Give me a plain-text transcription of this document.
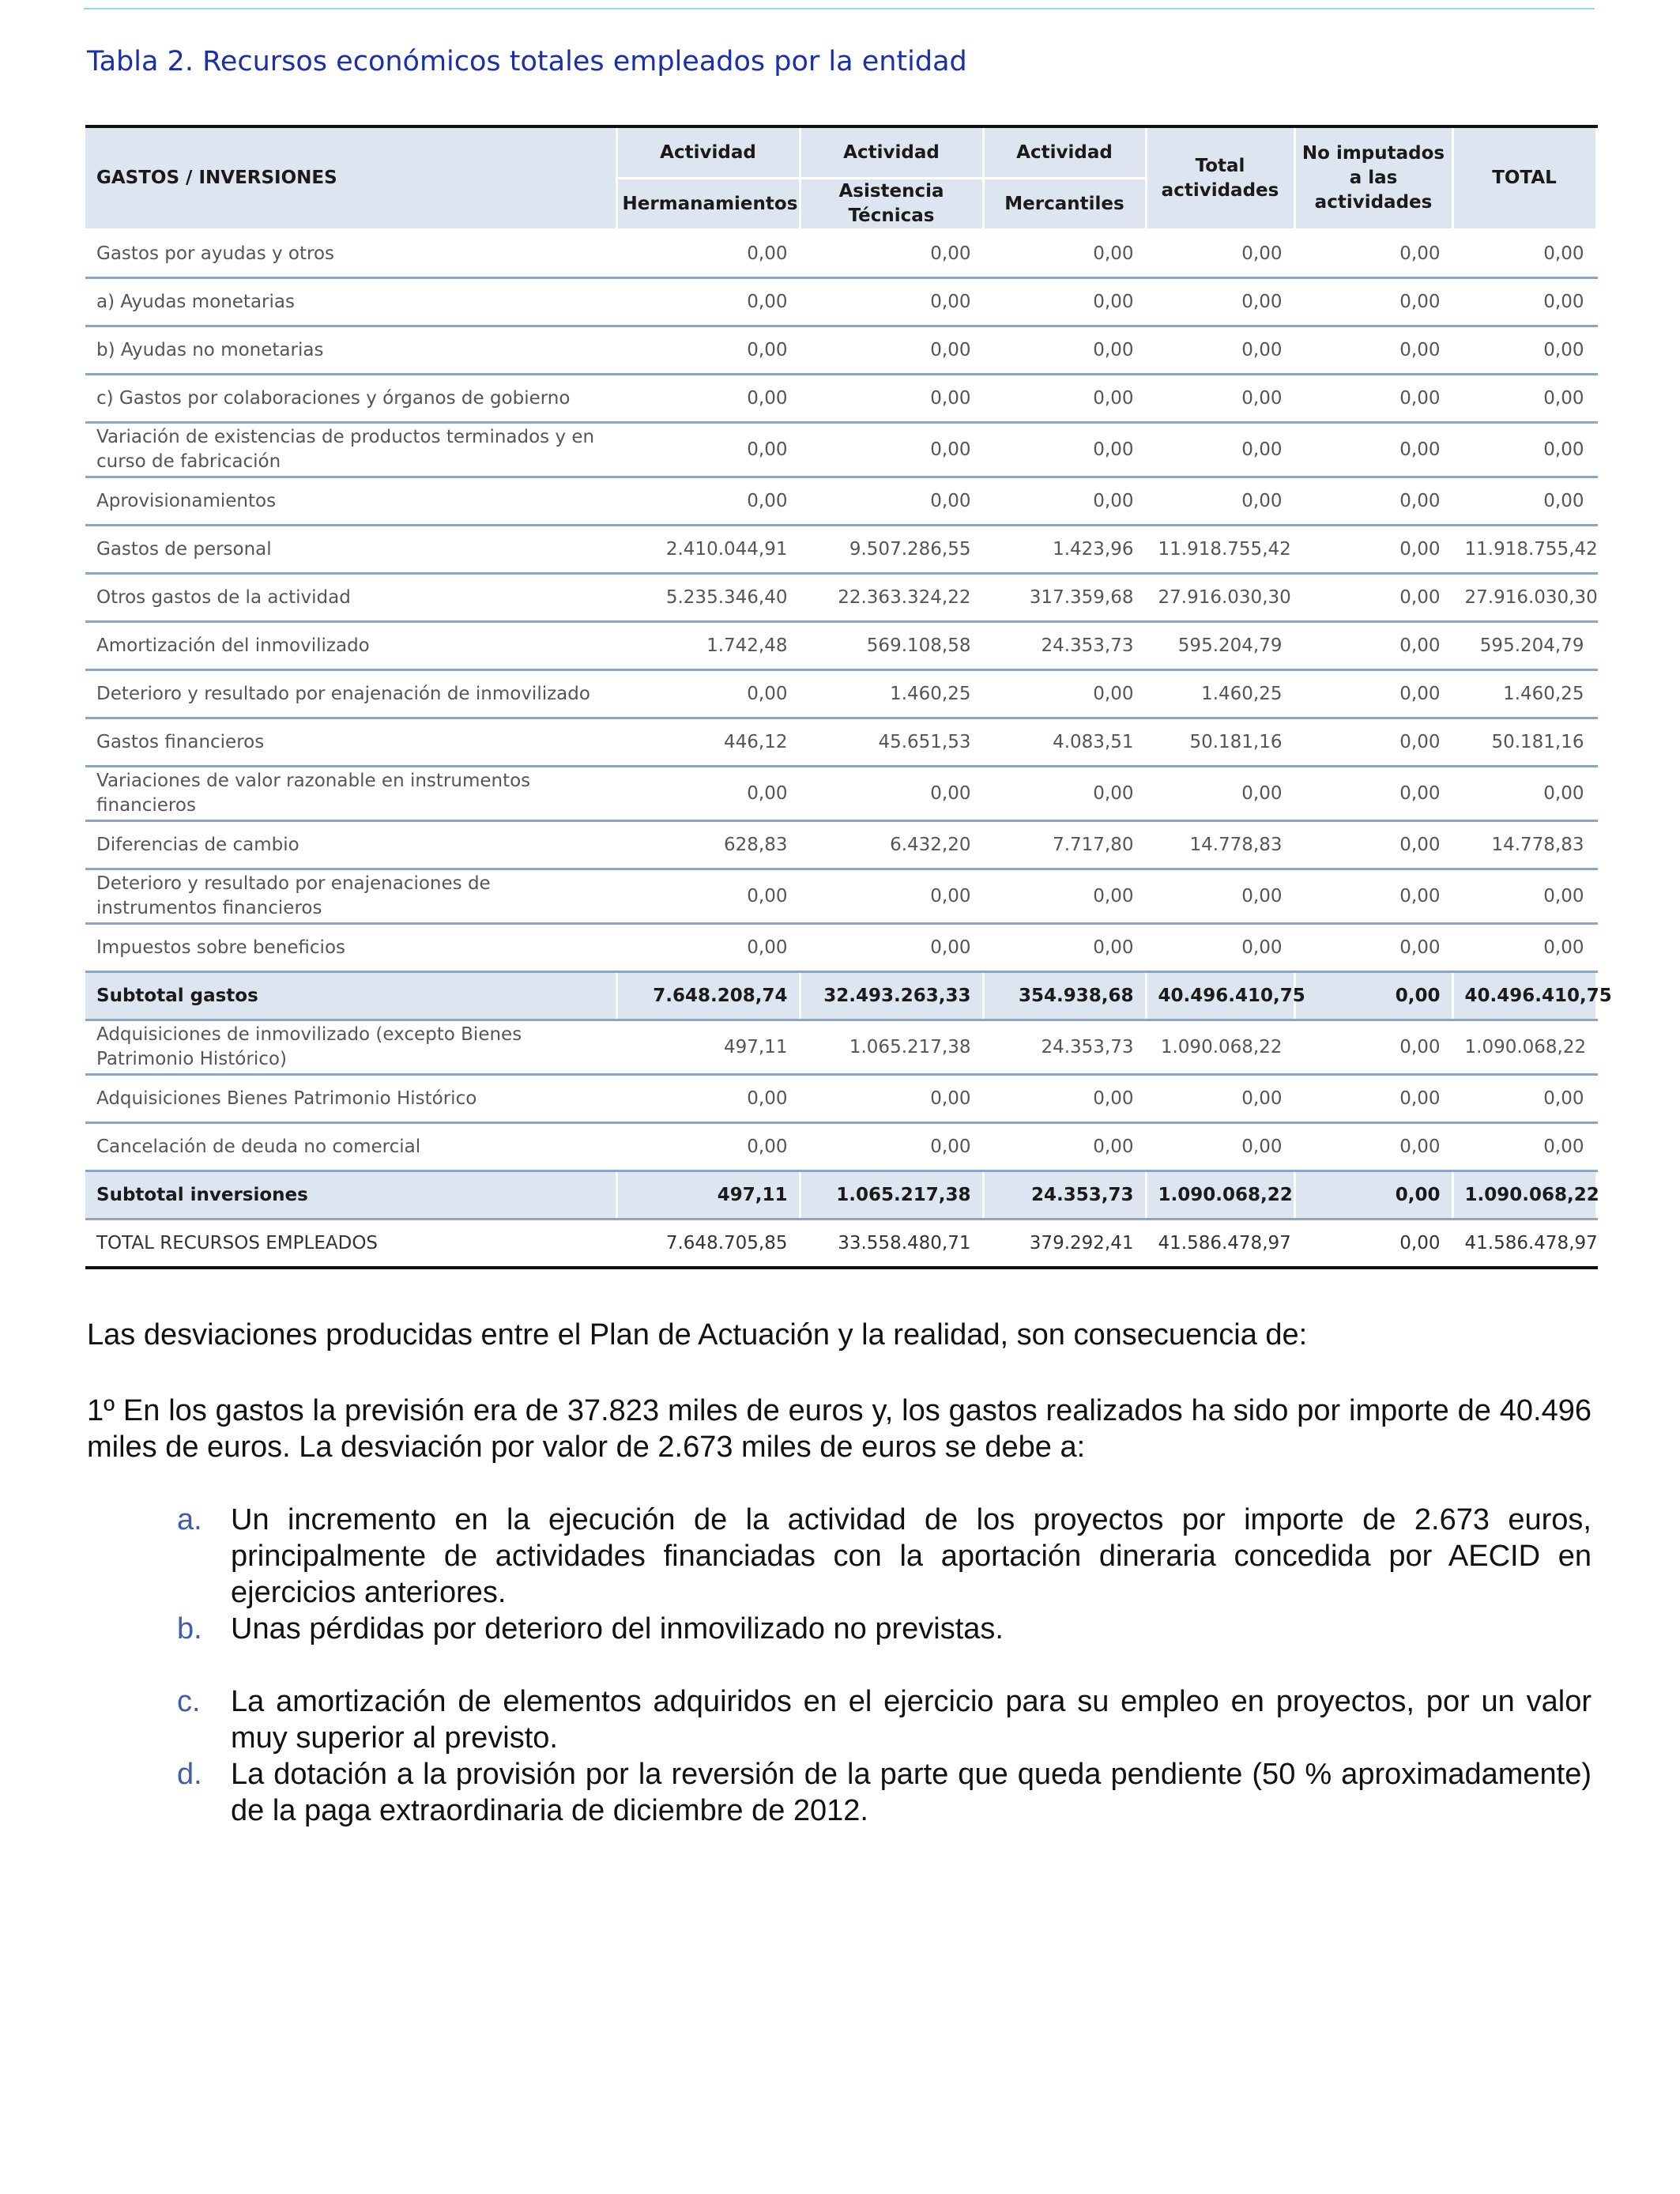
Tabla 2. Recursos económicos totales empleados por la entidad
GASTOS / INVERSIONES	Actividad	Actividad	Actividad	Total actividades	No imputados a las actividades	TOTAL
	Hermanamientos	Asistencia Técnicas	Mercantiles			
Gastos por ayudas y otros	0,00	0,00	0,00	0,00	0,00	0,00
a) Ayudas monetarias	0,00	0,00	0,00	0,00	0,00	0,00
b) Ayudas no monetarias	0,00	0,00	0,00	0,00	0,00	0,00
c) Gastos por colaboraciones y órganos de gobierno	0,00	0,00	0,00	0,00	0,00	0,00
Variación de existencias de productos terminados y en curso de fabricación	0,00	0,00	0,00	0,00	0,00	0,00
Aprovisionamientos	0,00	0,00	0,00	0,00	0,00	0,00
Gastos de personal	2.410.044,91	9.507.286,55	1.423,96	11.918.755,42	0,00	11.918.755,42
Otros gastos de la actividad	5.235.346,40	22.363.324,22	317.359,68	27.916.030,30	0,00	27.916.030,30
Amortización del inmovilizado	1.742,48	569.108,58	24.353,73	595.204,79	0,00	595.204,79
Deterioro y resultado por enajenación de inmovilizado	0,00	1.460,25	0,00	1.460,25	0,00	1.460,25
Gastos financieros	446,12	45.651,53	4.083,51	50.181,16	0,00	50.181,16
Variaciones de valor razonable en instrumentos financieros	0,00	0,00	0,00	0,00	0,00	0,00
Diferencias de cambio	628,83	6.432,20	7.717,80	14.778,83	0,00	14.778,83
Deterioro y resultado por enajenaciones de instrumentos financieros	0,00	0,00	0,00	0,00	0,00	0,00
Impuestos sobre beneficios	0,00	0,00	0,00	0,00	0,00	0,00
Subtotal gastos	7.648.208,74	32.493.263,33	354.938,68	40.496.410,75	0,00	40.496.410,75
Adquisiciones de inmovilizado (excepto Bienes Patrimonio Histórico)	497,11	1.065.217,38	24.353,73	1.090.068,22	0,00	1.090.068,22
Adquisiciones Bienes Patrimonio Histórico	0,00	0,00	0,00	0,00	0,00	0,00
Cancelación de deuda no comercial	0,00	0,00	0,00	0,00	0,00	0,00
Subtotal inversiones	497,11	1.065.217,38	24.353,73	1.090.068,22	0,00	1.090.068,22
TOTAL RECURSOS EMPLEADOS	7.648.705,85	33.558.480,71	379.292,41	41.586.478,97	0,00	41.586.478,97
Las desviaciones producidas entre el Plan de Actuación y la realidad, son consecuencia de:
1º En los gastos la previsión era de 37.823 miles de euros y, los gastos realizados ha sido por importe de 40.496 miles de euros. La desviación por valor de 2.673 miles de euros se debe a:
a. Un incremento en la ejecución de la actividad de los proyectos por importe de 2.673 euros, principalmente de actividades financiadas con la aportación dineraria concedida por AECID en ejercicios anteriores.
b. Unas pérdidas por deterioro del inmovilizado no previstas.
c. La amortización de elementos adquiridos en el ejercicio para su empleo en proyectos, por un valor muy superior al previsto.
d. La dotación a la provisión por la reversión de la parte que queda pendiente (50 % aproximadamente) de la paga extraordinaria de diciembre de 2012.
